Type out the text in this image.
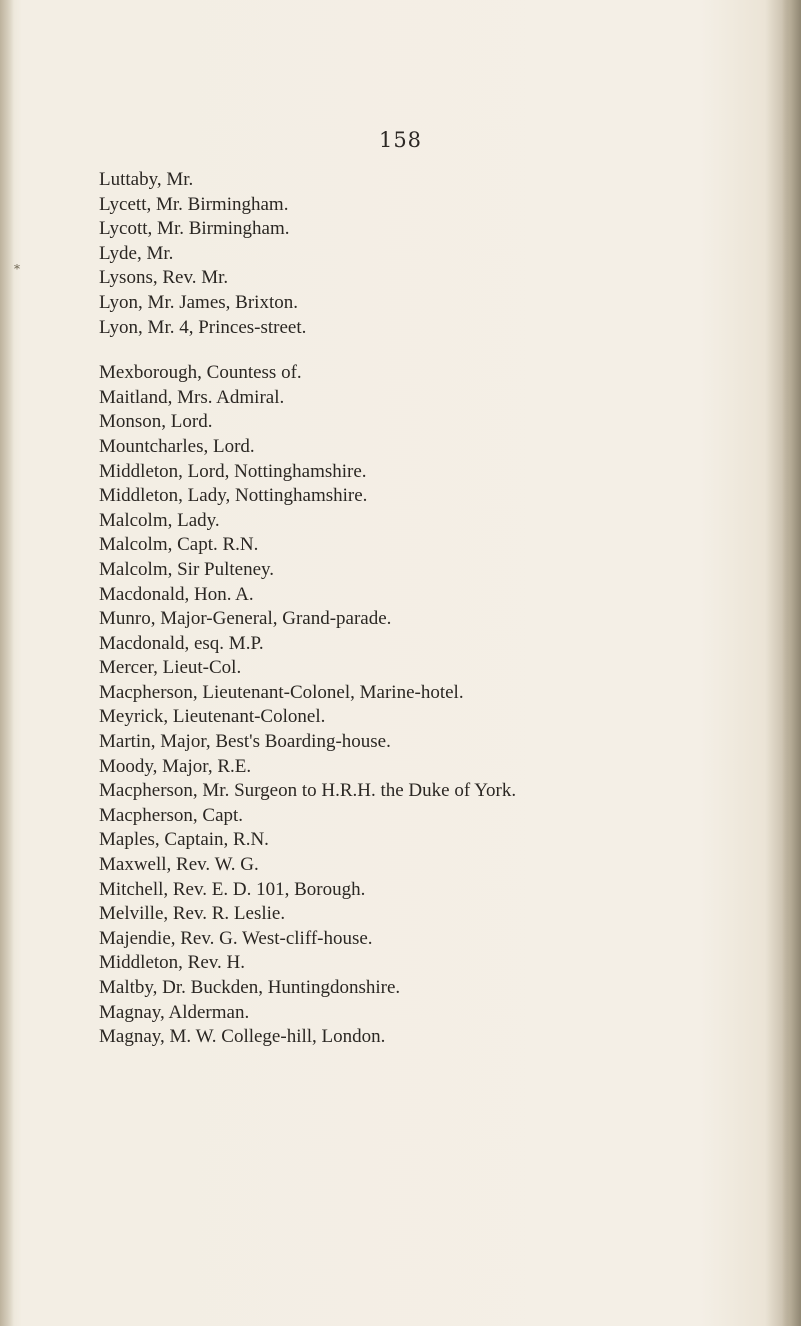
*
158
Luttaby, Mr.
Lycett, Mr. Birmingham.
Lycott, Mr. Birmingham.
Lyde, Mr.
Lysons, Rev. Mr.
Lyon, Mr. James, Brixton.
Lyon, Mr. 4, Princes-street.
Mexborough, Countess of.
Maitland, Mrs. Admiral.
Monson, Lord.
Mountcharles, Lord.
Middleton, Lord, Nottinghamshire.
Middleton, Lady, Nottinghamshire.
Malcolm, Lady.
Malcolm, Capt. R.N.
Malcolm, Sir Pulteney.
Macdonald, Hon. A.
Munro, Major-General, Grand-parade.
Macdonald, esq. M.P.
Mercer, Lieut-Col.
Macpherson, Lieutenant-Colonel, Marine-hotel.
Meyrick, Lieutenant-Colonel.
Martin, Major, Best's Boarding-house.
Moody, Major, R.E.
Macpherson, Mr. Surgeon to H.R.H. the Duke of York.
Macpherson, Capt.
Maples, Captain, R.N.
Maxwell, Rev. W. G.
Mitchell, Rev. E. D. 101, Borough.
Melville, Rev. R. Leslie.
Majendie, Rev. G. West-cliff-house.
Middleton, Rev. H.
Maltby, Dr. Buckden, Huntingdonshire.
Magnay, Alderman.
Magnay, M. W. College-hill, London.
